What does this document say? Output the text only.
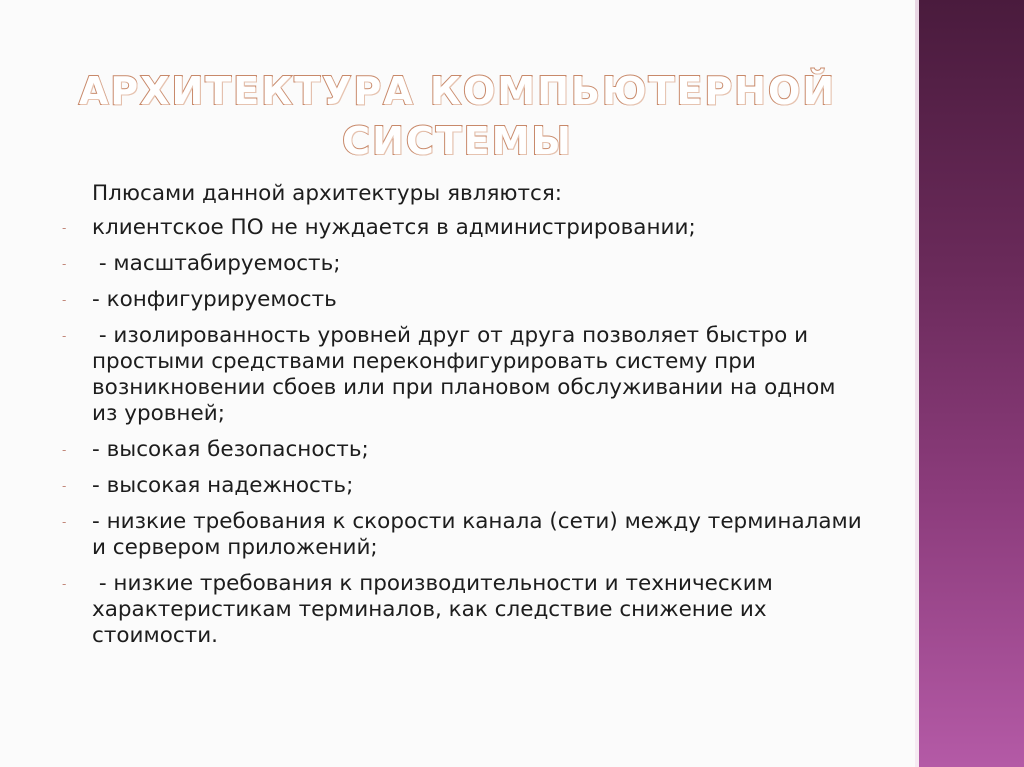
АРХИТЕКТУРА КОМПЬЮТЕРНОЙ
СИСТЕМЫ
Плюсами данной архитектуры являются:
- клиентское ПО не нуждается в администрировании;
- - масштабируемость;
- - конфигурируемость
- - изолированность уровней друг от друга позволяет быстро и простыми средствами переконфигурировать систему при возникновении сбоев или при плановом обслуживании на одном из уровней;
- - высокая безопасность;
- - высокая надежность;
- - низкие требования к скорости канала (сети) между терминалами и сервером приложений;
- - низкие требования к производительности и техническим характеристикам терминалов, как следствие снижение их стоимости.
